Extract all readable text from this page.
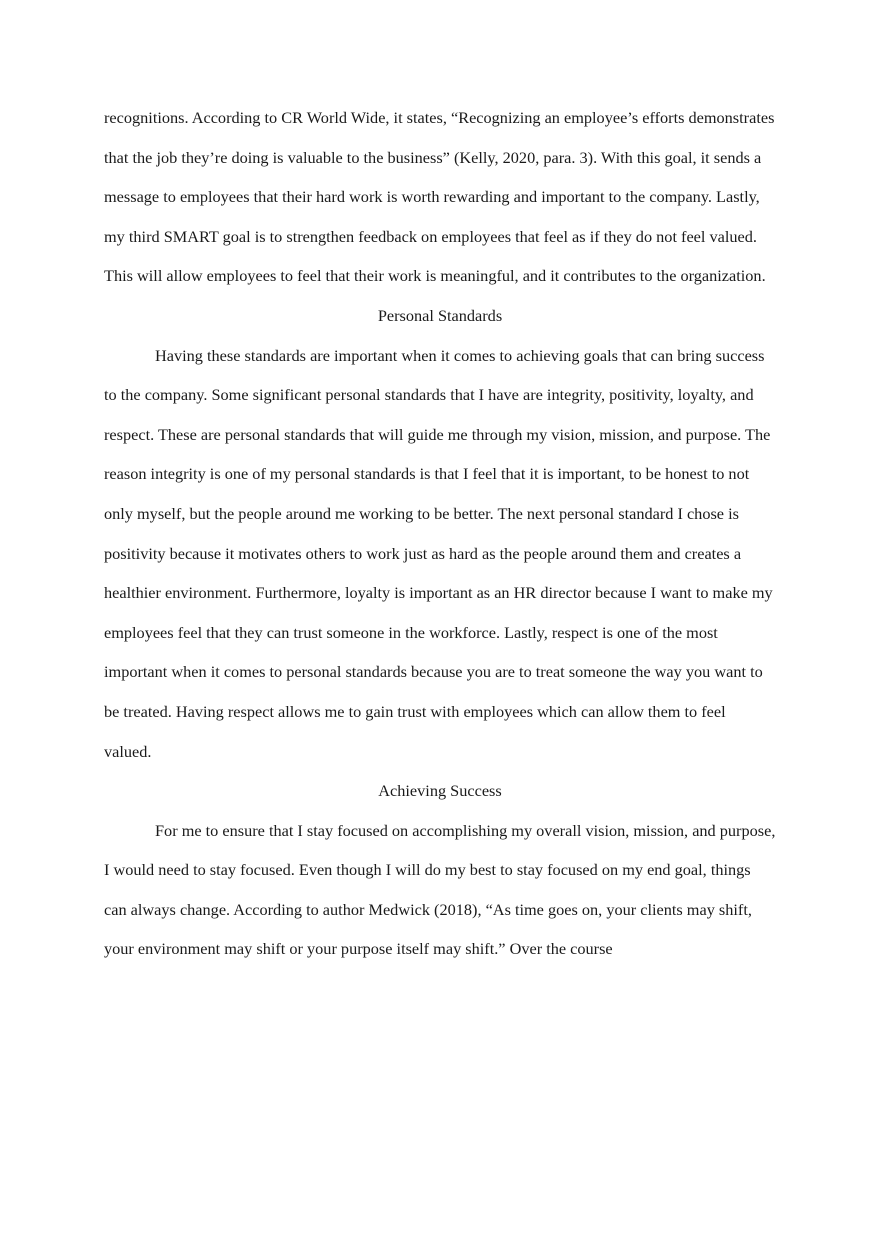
recognitions. According to CR World Wide, it states, “Recognizing an employee’s efforts demonstrates that the job they’re doing is valuable to the business” (Kelly, 2020, para. 3). With this goal, it sends a message to employees that their hard work is worth rewarding and important to the company. Lastly, my third SMART goal is to strengthen feedback on employees that feel as if they do not feel valued. This will allow employees to feel that their work is meaningful, and it contributes to the organization.

Personal Standards

Having these standards are important when it comes to achieving goals that can bring success to the company. Some significant personal standards that I have are integrity, positivity, loyalty, and respect. These are personal standards that will guide me through my vision, mission, and purpose. The reason integrity is one of my personal standards is that I feel that it is important, to be honest to not only myself, but the people around me working to be better. The next personal standard I chose is positivity because it motivates others to work just as hard as the people around them and creates a healthier environment. Furthermore, loyalty is important as an HR director because I want to make my employees feel that they can trust someone in the workforce. Lastly, respect is one of the most important when it comes to personal standards because you are to treat someone the way you want to be treated. Having respect allows me to gain trust with employees which can allow them to feel valued.

Achieving Success

For me to ensure that I stay focused on accomplishing my overall vision, mission, and purpose, I would need to stay focused. Even though I will do my best to stay focused on my end goal, things can always change. According to author Medwick (2018), “As time goes on, your clients may shift, your environment may shift or your purpose itself may shift.” Over the course
